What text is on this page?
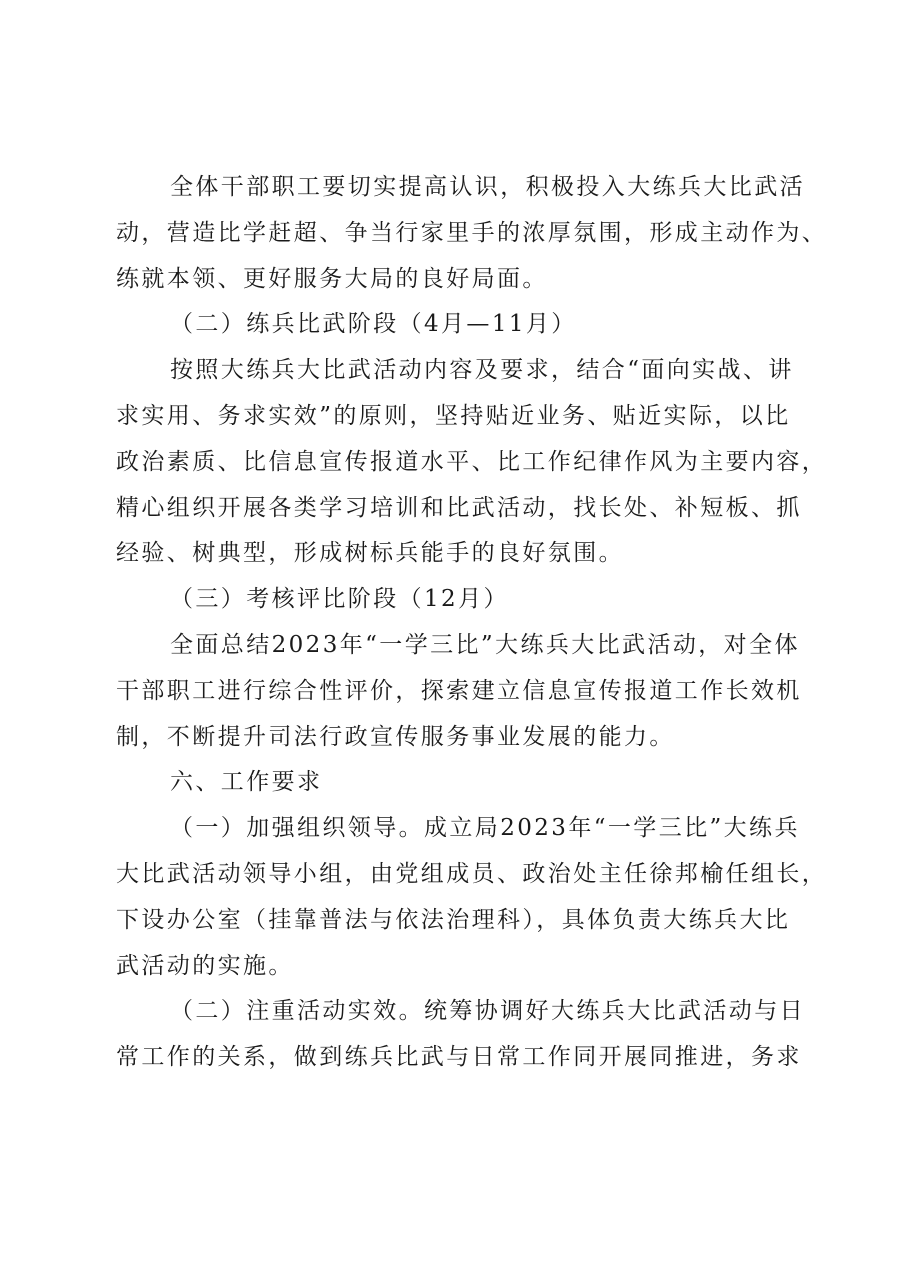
全体干部职工要切实提高认识，积极投入大练兵大比武活
动，营造比学赶超、争当行家里手的浓厚氛围，形成主动作为、
练就本领、更好服务大局的良好局面。
（二）练兵比武阶段（4月—11月）
按照大练兵大比武活动内容及要求，结合“面向实战、讲
求实用、务求实效”的原则，坚持贴近业务、贴近实际，以比
政治素质、比信息宣传报道水平、比工作纪律作风为主要内容，
精心组织开展各类学习培训和比武活动，找长处、补短板、抓
经验、树典型，形成树标兵能手的良好氛围。
（三）考核评比阶段（12月）
全面总结2023年“一学三比”大练兵大比武活动，对全体
干部职工进行综合性评价，探索建立信息宣传报道工作长效机
制，不断提升司法行政宣传服务事业发展的能力。
六、工作要求
（一）加强组织领导。成立局2023年“一学三比”大练兵
大比武活动领导小组，由党组成员、政治处主任徐邦榆任组长，
下设办公室（挂靠普法与依法治理科），具体负责大练兵大比
武活动的实施。
（二）注重活动实效。统筹协调好大练兵大比武活动与日
常工作的关系，做到练兵比武与日常工作同开展同推进，务求
